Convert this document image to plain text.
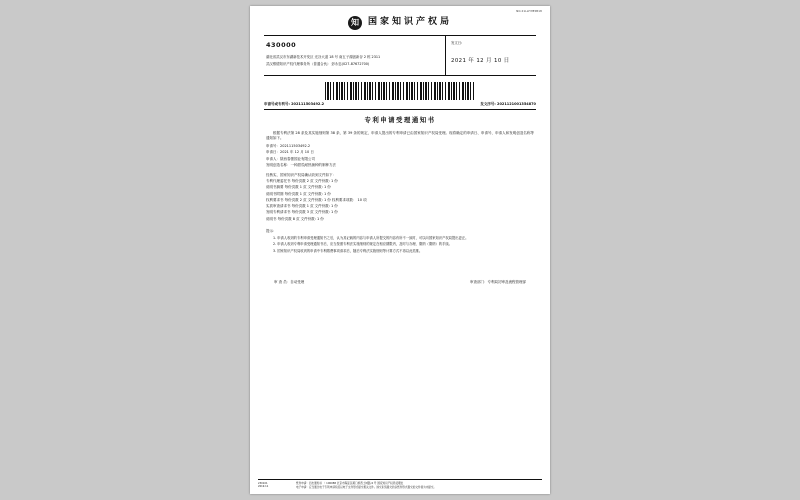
NO.21LLHYB5B18
知	国家知识产权局
430000
湖北省武汉市东湖新技术开发区 光谷大道 18 号 南五子湖创新谷 2 栋 2311
武汉维德知识产权代理事务所（普通合伙） 彭永忠(027-87672700)
发文日:
2021 年 12 月 10 日
申请号或专利号: 202111503492.2	发文序号: 2021121001354870
专利申请受理通知书
根据专利法第 28 条及其实施细则第 38 条、第 39 条的规定，申请人提出的专利申请已由国家知识产权局受理。现将确定的申请日、申请号、申请人和发明创造名称等通知如下。
申请号：202111503492.2
申请日：2021 年 12 月 10 日
申请人：陕西春蕾园业有限公司
发明创造名称：一种甜瓜耐热菌种的制种方法
经核实，国家知识产权局确认收到文件如下：
专利代理委托书 每份页数 2 页 文件份数: 1 份
说明书摘要 每份页数 1 页 文件份数: 1 份
说明书附图 每份页数 1 页 文件份数: 1 份
权利要求书 每份页数 2 页 文件份数: 1 份 权利要求项数： 10 项
实质审查请求书 每份页数 1 页 文件份数: 1 份
发明专利请求书 每份页数 3 页 文件份数: 1 份
说明书 每份页数 8 页 文件份数: 1 份
提示：
1. 申请人收到的专利申请受理通知书之后，认为其记载的内容与申请人所提交的内容有所不一致时，可以向国家知识产权局提出更正。
2. 申请人收到专利申请受理通知书后，应当按照专利法实施细则的规定在相应期限内，及时与办理、缴纳（缴纳）的手续。
3. 国家知识产权局收到的申请中专利缴费事项请求后，随后专利法实施细则等计算方式不再以此类推。
审 查 员：自动受理	审查部门：专利局初审及流程管理部
230101
2019.11
纸件申请：四出通知书 （ 100088 北京市海淀区蓟门桥西土城路 6 号 国家知识产权局受理处
电子申请：应当通过电子专利申请系统以电子文件形式提交相关文件。递交系统提交的以纸件形式提交的文件视为未提交。
